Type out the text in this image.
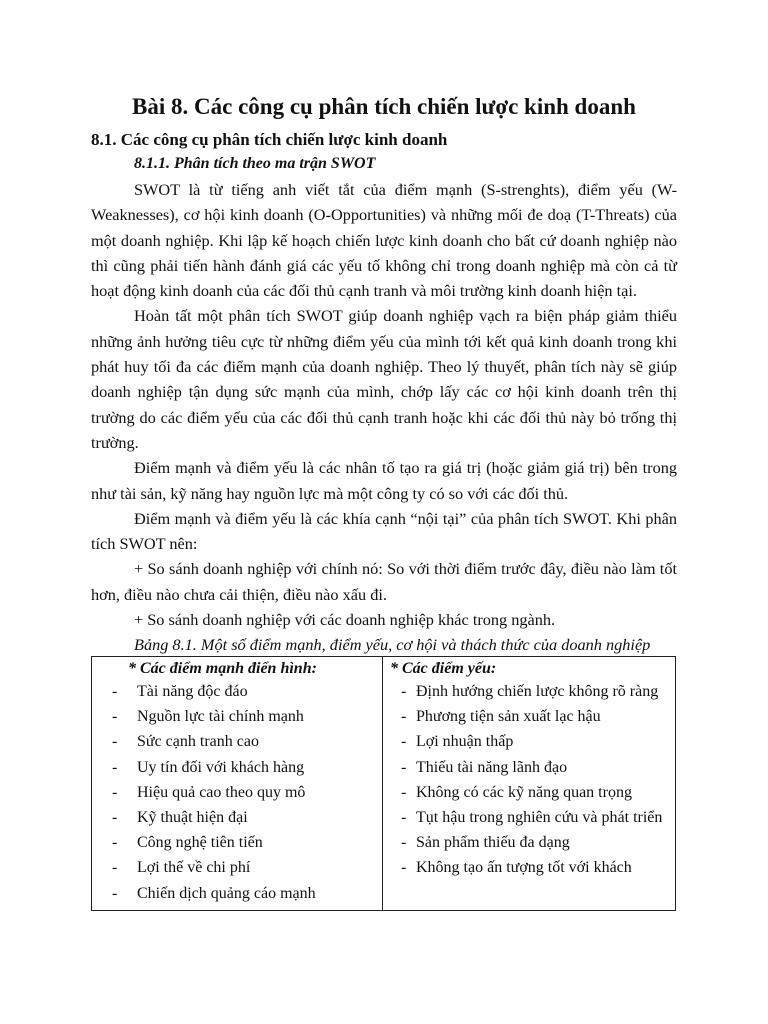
Bài 8. Các công cụ phân tích chiến lược kinh doanh
8.1. Các công cụ phân tích chiến lược kinh doanh
8.1.1. Phân tích theo ma trận SWOT

SWOT là từ tiếng anh viết tắt của điểm mạnh (S-strenghts), điểm yếu (W-Weaknesses), cơ hội kinh doanh (O-Opportunities) và những mối đe doạ (T-Threats) của một doanh nghiệp. Khi lập kế hoạch chiến lược kinh doanh cho bất cứ doanh nghiệp nào thì cũng phải tiến hành đánh giá các yếu tố không chỉ trong doanh nghiệp mà còn cả từ hoạt động kinh doanh của các đối thủ cạnh tranh và môi trường kinh doanh hiện tại.

Hoàn tất một phân tích SWOT giúp doanh nghiệp vạch ra biện pháp giảm thiểu những ảnh hưởng tiêu cực từ những điểm yếu của mình tới kết quả kinh doanh trong khi phát huy tối đa các điểm mạnh của doanh nghiệp. Theo lý thuyết, phân tích này sẽ giúp doanh nghiệp tận dụng sức mạnh của mình, chớp lấy các cơ hội kinh doanh trên thị trường do các điểm yếu của các đối thủ cạnh tranh hoặc khi các đối thủ này bỏ trống thị trường.

Điểm mạnh và điểm yếu là các nhân tố tạo ra giá trị (hoặc giảm giá trị) bên trong như tài sản, kỹ năng hay nguồn lực mà một công ty có so với các đối thủ.

Điểm mạnh và điểm yếu là các khía cạnh “nội tại” của phân tích SWOT. Khi phân tích SWOT nên:

+ So sánh doanh nghiệp với chính nó: So với thời điểm trước đây, điều nào làm tốt hơn, điều nào chưa cải thiện, điều nào xấu đi.

+ So sánh doanh nghiệp với các doanh nghiệp khác trong ngành.

Bảng 8.1. Một số điểm mạnh, điểm yếu, cơ hội và thách thức của doanh nghiệp

* Các điểm mạnh điển hình:
- Tài năng độc đáo
- Nguồn lực tài chính mạnh
- Sức cạnh tranh cao
- Uy tín đối với khách hàng
- Hiệu quả cao theo quy mô
- Kỹ thuật hiện đại
- Công nghệ tiên tiến
- Lợi thế về chi phí
- Chiến dịch quảng cáo mạnh

* Các điểm yếu:
- Định hướng chiến lược không rõ ràng
- Phương tiện sản xuất lạc hậu
- Lợi nhuận thấp
- Thiếu tài năng lãnh đạo
- Không có các kỹ năng quan trọng
- Tụt hậu trong nghiên cứu và phát triển
- Sản phẩm thiếu đa dạng
- Không tạo ấn tượng tốt với khách
